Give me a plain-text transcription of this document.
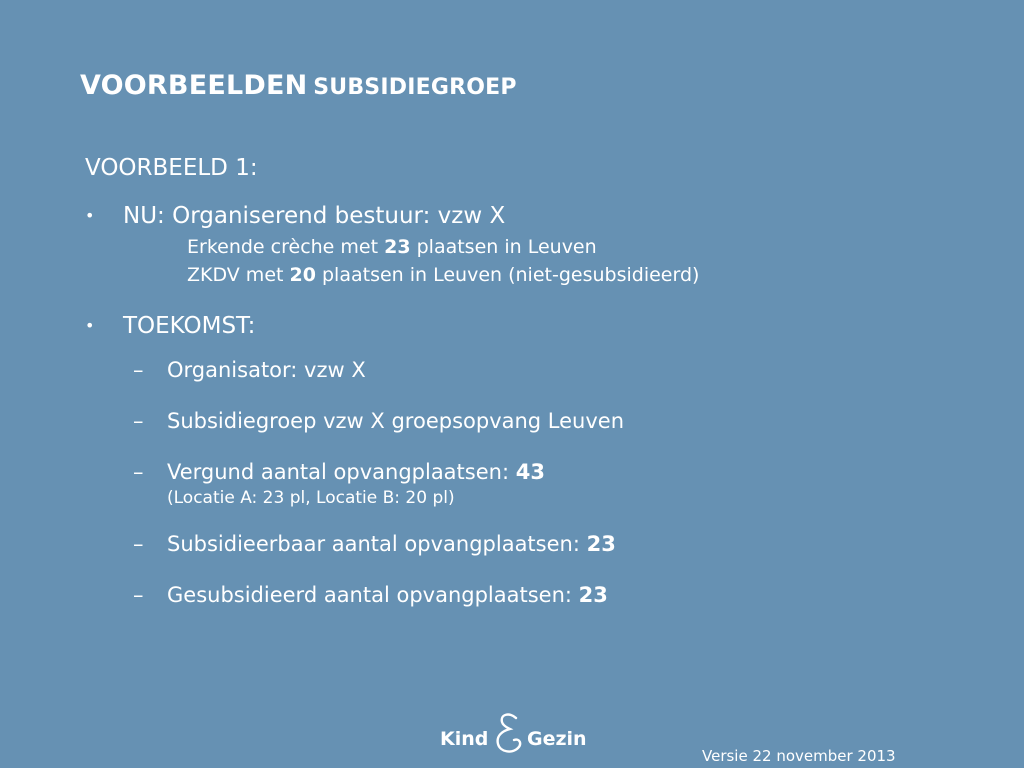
VOORBEELDEN SUBSIDIEGROEP
VOORBEELD 1:
• NU: Organiserend bestuur: vzw X
Erkende crèche met 23 plaatsen in Leuven
ZKDV met 20 plaatsen in Leuven (niet-gesubsidieerd)
• TOEKOMST:
– Organisator: vzw X
– Subsidiegroep vzw X groepsopvang Leuven
– Vergund aantal opvangplaatsen: 43
(Locatie A: 23 pl, Locatie B: 20 pl)
– Subsidieerbaar aantal opvangplaatsen: 23
– Gesubsidieerd aantal opvangplaatsen: 23
Kind Gezin
Versie 22 november 2013
